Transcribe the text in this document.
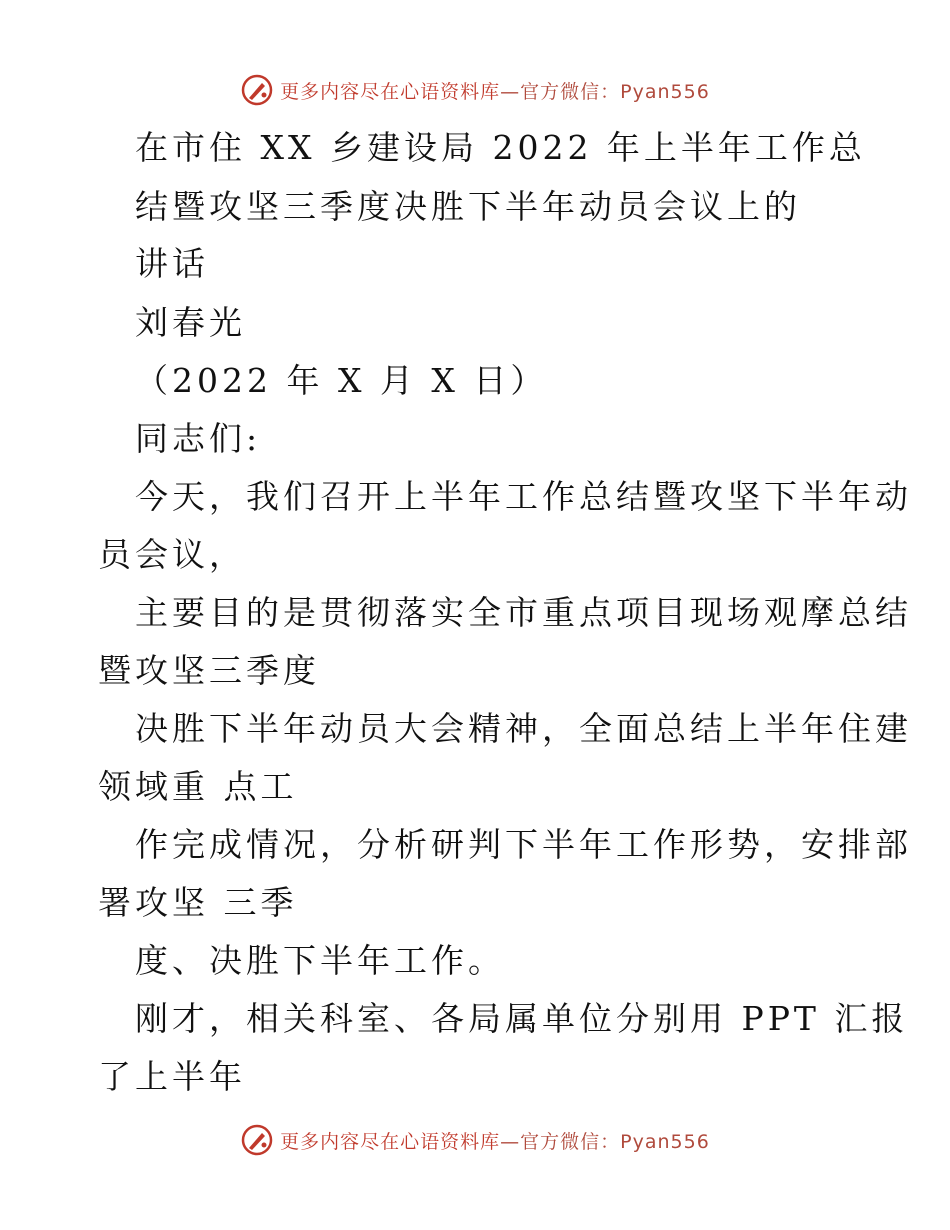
更多内容尽在心语资料库—官方微信：Pyan556
在市住 XX 乡建设局 2022 年上半年工作总
结暨攻坚三季度决胜下半年动员会议上的
讲话
刘春光
（2022 年 X 月 X 日）
同志们:
今天，我们召开上半年工作总结暨攻坚下半年动
员会议，
主要目的是贯彻落实全市重点项目现场观摩总结
暨攻坚三季度
决胜下半年动员大会精神，全面总结上半年住建
领域重 点工
作完成情况，分析研判下半年工作形势，安排部
署攻坚 三季
度、决胜下半年工作。
刚才，相关科室、各局属单位分别用 PPT 汇报
了上半年
更多内容尽在心语资料库—官方微信：Pyan556
